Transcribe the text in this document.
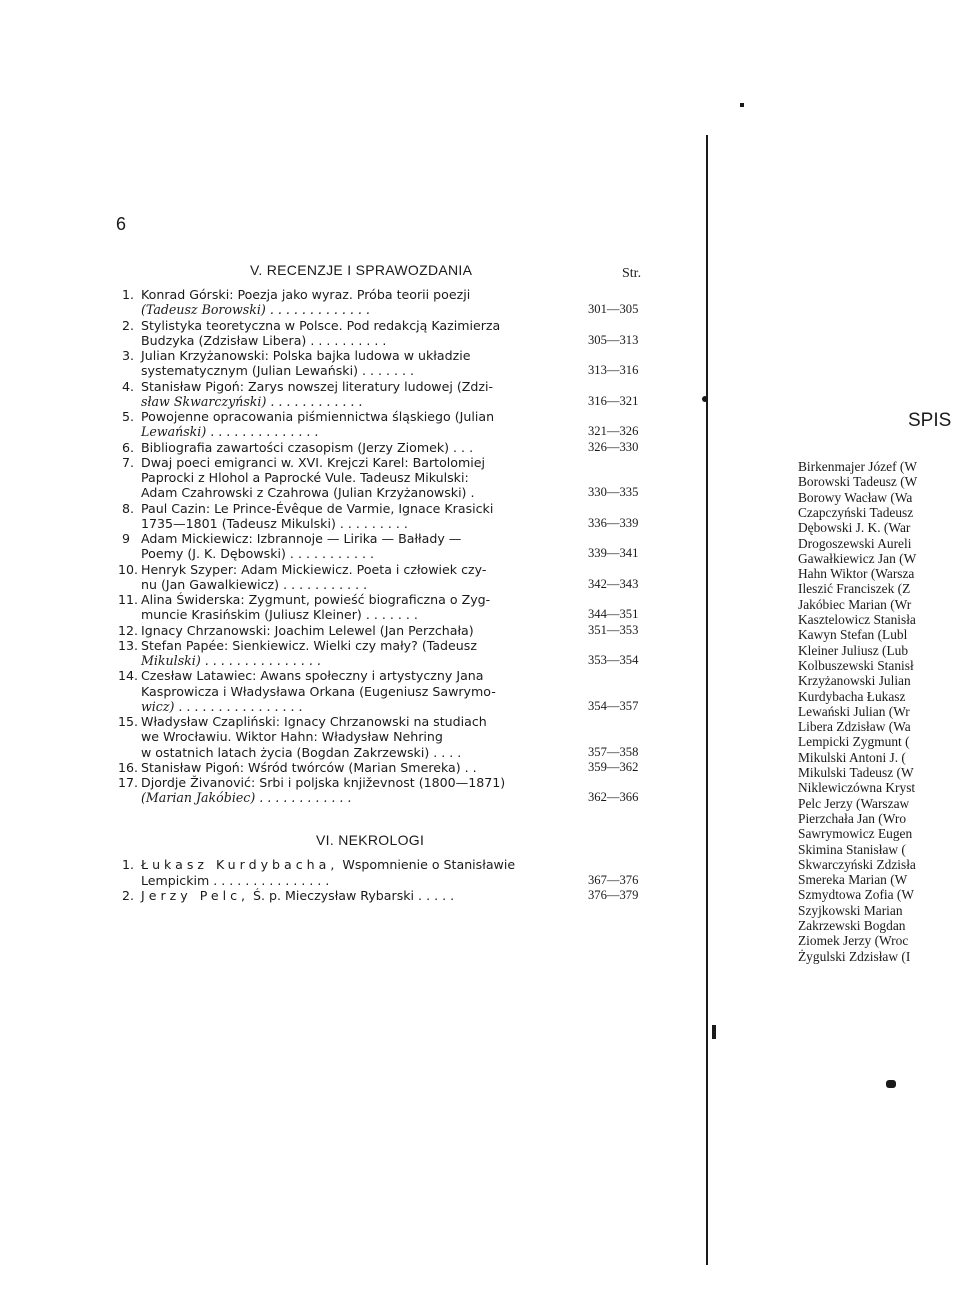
6
V. RECENZJE I SPRAWOZDANIA	Str.
1. Konrad Górski: Poezja jako wyraz. Próba teorii poezji
(Tadeusz Borowski) . . . . . . . . . . . . .	301—305
2. Stylistyka teoretyczna w Polsce. Pod redakcją Kazimierza
Budzyka (Zdzisław Libera) . . . . . . . . . .	305—313
3. Julian Krzyżanowski: Polska bajka ludowa w układzie
systematycznym (Julian Lewański) . . . . . . .	313—316
4. Stanisław Pigoń: Zarys nowszej literatury ludowej (Zdzi-
sław Skwarczyński) . . . . . . . . . . . .	316—321
5. Powojenne opracowania piśmiennictwa śląskiego (Julian
Lewański) . . . . . . . . . . . . . .	321—326
6. Bibliografia zawartości czasopism (Jerzy Ziomek) . . .	326—330
7. Dwaj poeci emigranci w. XVI. Krejczi Karel: Bartolomiej
Paprocki z Hlohol a Paprocké Vule. Tadeusz Mikulski:
Adam Czahrowski z Czahrowa (Julian Krzyżanowski) .	330—335
8. Paul Cazin: Le Prince-Évêque de Varmie, Ignace Krasicki
1735—1801 (Tadeusz Mikulski) . . . . . . . . .	336—339
9 Adam Mickiewicz: Izbrannoje — Lirika — Bałłady —
Poemy (J. K. Dębowski) . . . . . . . . . . .	339—341
10. Henryk Szyper: Adam Mickiewicz. Poeta i człowiek czy-
nu (Jan Gawalkiewicz) . . . . . . . . . . .	342—343
11. Alina Świderska: Zygmunt, powieść biograficzna o Zyg-
muncie Krasińskim (Juliusz Kleiner) . . . . . . .	344—351
12. Ignacy Chrzanowski: Joachim Lelewel (Jan Perzchała)	351—353
13. Stefan Papée: Sienkiewicz. Wielki czy mały? (Tadeusz
Mikulski) . . . . . . . . . . . . . . .	353—354
14. Czesław Latawiec: Awans społeczny i artystyczny Jana
Kasprowicza i Władysława Orkana (Eugeniusz Sawrymo-
wicz) . . . . . . . . . . . . . . . .	354—357
15. Władysław Czapliński: Ignacy Chrzanowski na studiach
we Wrocławiu. Wiktor Hahn: Władysław Nehring
w ostatnich latach życia (Bogdan Zakrzewski) . . . .	357—358
16. Stanisław Pigoń: Wśród twórców (Marian Smereka) . .	359—362
17. Djordje Živanović: Srbi i poljska književnost (1800—1871)
(Marian Jakóbiec) . . . . . . . . . . . .	362—366
VI. NEKROLOGI
1. Łukasz Kurdybacha, Wspomnienie o Stanisławie
Lempickim . . . . . . . . . . . . . . .	367—376
2. Jerzy Pelc, Ś. p. Mieczysław Rybarski . . . . .	376—379
SPIS
Birkenmajer Józef (W
Borowski Tadeusz (W
Borowy Wacław (Wa
Czapczyński Tadeusz
Dębowski J. K. (War
Drogoszewski Aureli
Gawałkiewicz Jan (W
Hahn Wiktor (Warsza
Ileszić Franciszek (Z
Jakóbiec Marian (Wr
Kasztelowicz Stanisła
Kawyn Stefan (Lubl
Kleiner Juliusz (Lub
Kolbuszewski Stanisł
Krzyżanowski Julian
Kurdybacha Łukasz
Lewański Julian (Wr
Libera Zdzisław (Wa
Lempicki Zygmunt (
Mikulski Antoni J. (
Mikulski Tadeusz (W
Niklewiczówna Kryst
Pelc Jerzy (Warszaw
Pierzchała Jan (Wro
Sawrymowicz Eugen
Skimina Stanisław (
Skwarczyński Zdzisła
Smereka Marian (W
Szmydtowa Zofia (W
Szyjkowski Marian
Zakrzewski Bogdan
Ziomek Jerzy (Wroc
Żygulski Zdzisław (I
